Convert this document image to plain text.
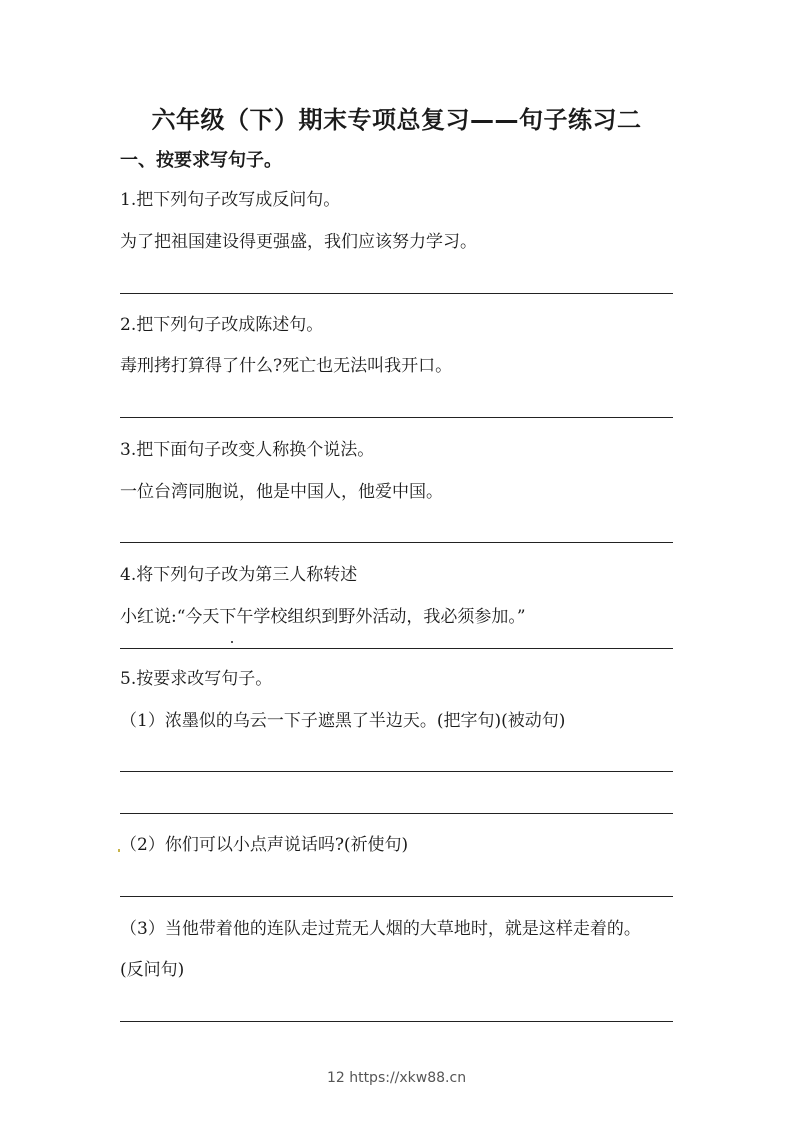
六年级（下）期末专项总复习——句子练习二
一、按要求写句子。
1.把下列句子改写成反问句。
为了把祖国建设得更强盛，我们应该努力学习。
2.把下列句子改成陈述句。
毒刑拷打算得了什么?死亡也无法叫我开口。
3.把下面句子改变人称换个说法。
一位台湾同胞说，他是中国人，他爱中国。
4.将下列句子改为第三人称转述
小红说:“今天下午学校组织到野外活动，我必须参加。”
5.按要求改写句子。
（1）浓墨似的乌云一下子遮黑了半边天。(把字句)(被动句)
（2）你们可以小点声说话吗?(祈使句)
（3）当他带着他的连队走过荒无人烟的大草地时，就是这样走着的。
(反问句)
12 https://xkw88.cn
